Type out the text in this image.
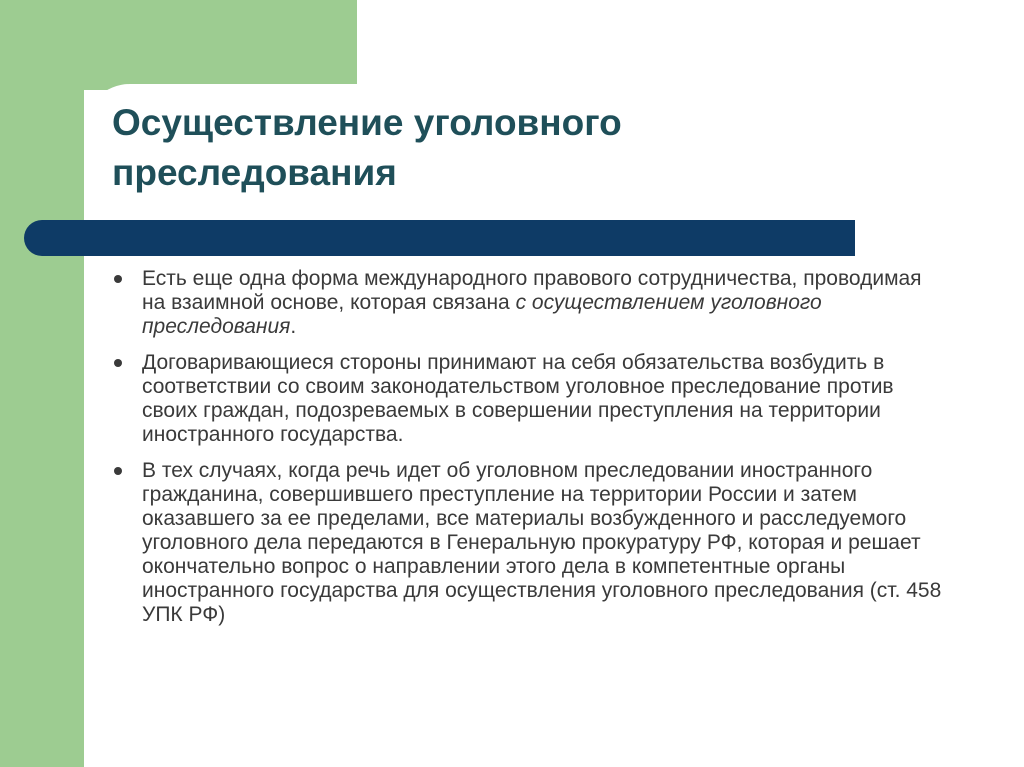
Осуществление уголовного преследования
Есть еще одна форма международного правового сотрудничества, проводимая на взаимной основе, которая связана с осуществлением уголовного преследования.
Договаривающиеся стороны принимают на себя обязательства возбудить в соответствии со своим законодательством уголовное преследование против своих граждан, подозреваемых в совершении преступления на территории иностранного государства.
В тех случаях, когда речь идет об уголовном преследовании иностранного гражданина, совершившего преступление на территории России и затем оказавшего за ее пределами, все материалы возбужденного и расследуемого уголовного дела передаются в Генеральную прокуратуру РФ, которая и решает окончательно вопрос о направлении этого дела в компетентные органы иностранного государства для осуществления уголовного преследования (ст. 458 УПК РФ)
